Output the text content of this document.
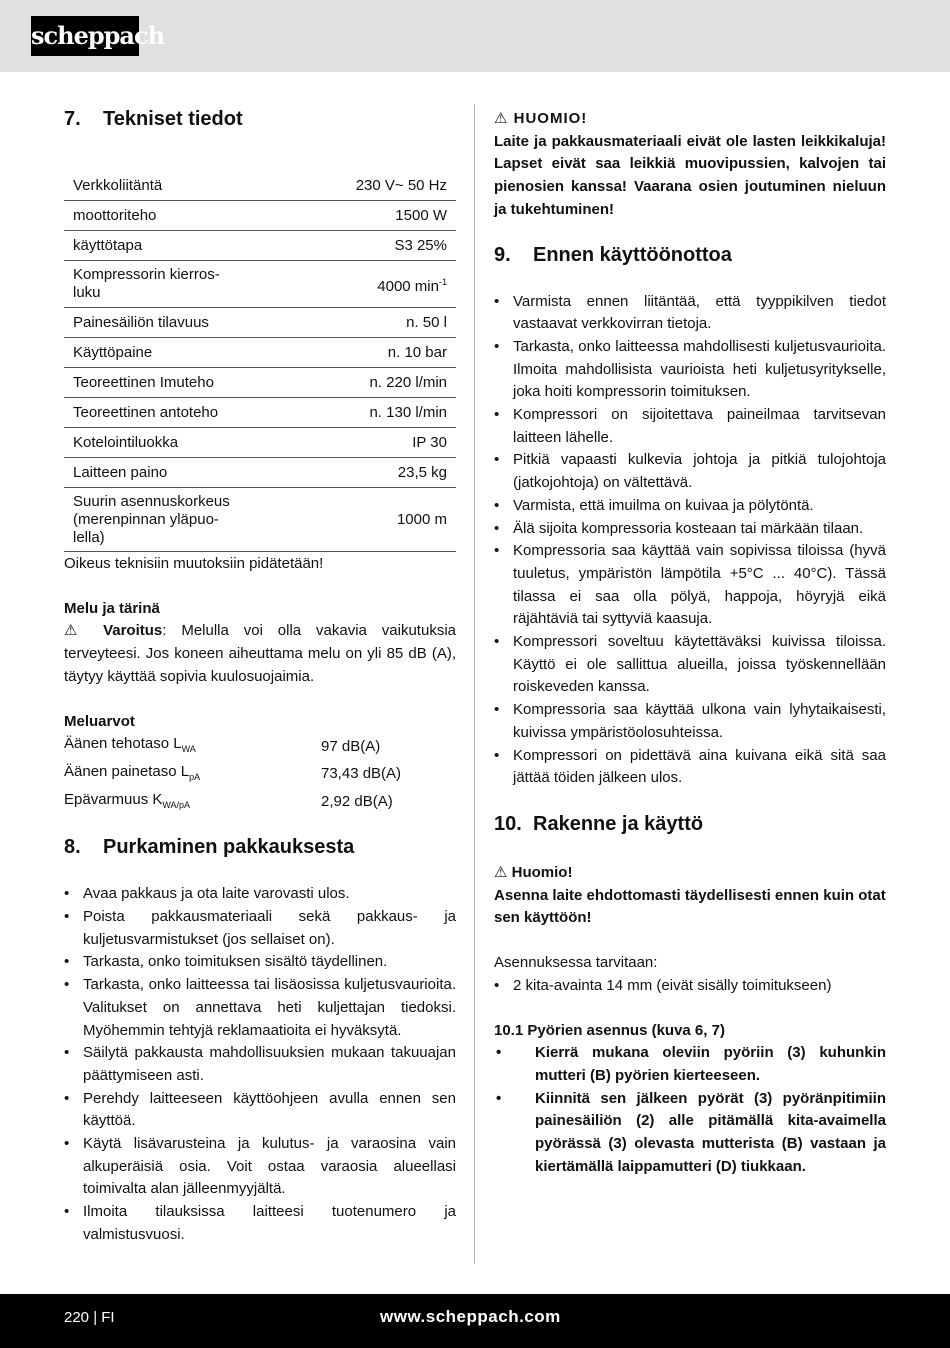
scheppach
7. Tekniset tiedot
Verkkoliitäntä	230 V~ 50 Hz
moottoriteho	1500 W
käyttötapa	S3 25%
Kompressorin kierros-luku	4000 $\min^{-1}$
Painesäiliön tilavuus	n. 50 l
Käyttöpaine	n. 10 bar
Teoreettinen Imuteho	n. 220 l/min
Teoreettinen antoteho	n. 130 l/min
Kotelointiluokka	IP 30
Laitteen paino	23,5 kg
Suurin asennuskorkeus (merenpinnan yläpuo-lella)	1000 m

Oikeus teknisiin muutoksiin pidätetään!

Melu ja tärinä

⚠ Varoitus: Melulla voi olla vakavia vaikutuksia terveyteesi. Jos koneen aiheuttama melu on yli 85 dB (A), täytyy käyttää sopivia kuulosuojaimia.

Meluarvot

Äänen tehotaso $L_{WA}$	97 dB(A)
Äänen painetaso $L_{pA}$	73,43 dB(A)
Epävarmuus $K_{WA/pA}$	2,92 dB(A)
8. Purkaminen pakkauksesta
• Avaa pakkaus ja ota laite varovasti ulos.
• Poista pakkausmateriaali sekä pakkaus- ja kuljetusvarmistukset (jos sellaiset on).
• Tarkasta, onko toimituksen sisältö täydellinen.
• Tarkasta, onko laitteessa tai lisäosissa kuljetusvaurioita. Valitukset on annettava heti kuljettajan tiedoksi. Myöhemmin tehtyjä reklamaatioita ei hyväksytä.
• Säilytä pakkausta mahdollisuuksien mukaan takuuajan päättymiseen asti.
• Perehdy laitteeseen käyttöohjeen avulla ennen sen käyttöä.
• Käytä lisävarusteina ja kulutus- ja varaosina vain alkuperäisiä osia. Voit ostaa varaosia alueellasi toimivalta alan jälleenmyyjältä.
• Ilmoita tilauksissa laitteesi tuotenumero ja valmistusvuosi.

⚠ HUOMIO!

Laite ja pakkausmateriaali eivät ole lasten leikkikaluja! Lapset eivät saa leikkiä muovipussien, kalvojen tai pienosien kanssa! Vaarana osien joutuminen nieluun ja tukehtuminen!

9. Ennen käyttöönottoa
• Varmista ennen liitäntää, että tyyppikilven tiedot vastaavat verkkovirran tietoja.
• Tarkasta, onko laitteessa mahdollisesti kuljetusvaurioita. Ilmoita mahdollisista vaurioista heti kuljetusyritykselle, joka hoiti kompressorin toimituksen.
• Kompressori on sijoitettava paineilmaa tarvitsevan laitteen lähelle.
• Pitkiä vapaasti kulkevia johtoja ja pitkiä tulojohtoja (jatkojohtoja) on vältettävä.
• Varmista, että imuilma on kuivaa ja pölytöntä.
• Älä sijoita kompressoria kosteaan tai märkään tilaan.
• Kompressoria saa käyttää vain sopivissa tiloissa (hyvä tuuletus, ympäristön lämpötila +5°C ... 40°C). Tässä tilassa ei saa olla pölyä, happoja, höyryjä eikä räjähtäviä tai syttyviä kaasuja.
• Kompressori soveltuu käytettäväksi kuivissa tiloissa. Käyttö ei ole sallittua alueilla, joissa työskennellään roiskeveden kanssa.
• Kompressoria saa käyttää ulkona vain lyhytaikaisesti, kuivissa ympäristöolosuhteissa.
• Kompressori on pidettävä aina kuivana eikä sitä saa jättää töiden jälkeen ulos.
10. Rakenne ja käyttö

⚠ Huomio!

Asenna laite ehdottomasti täydellisesti ennen kuin otat sen käyttöön!

Asennuksessa tarvitaan:

• 2 kita-avainta 14 mm (eivät sisälly toimitukseen)

10.1 Pyörien asennus (kuva 6, 7)

• Kierrä mukana oleviin pyöriin (3) kuhunkin mutteri (B) pyörien kierteeseen.
• Kiinnitä sen jälkeen pyörät (3) pyöränpitimiin painesäiliön (2) alle pitämällä kita-avaimella pyörässä (3) olevasta mutterista (B) vastaan ja kiertämällä laippamutteri (D) tiukkaan.
220 | FI	www.scheppach.com
